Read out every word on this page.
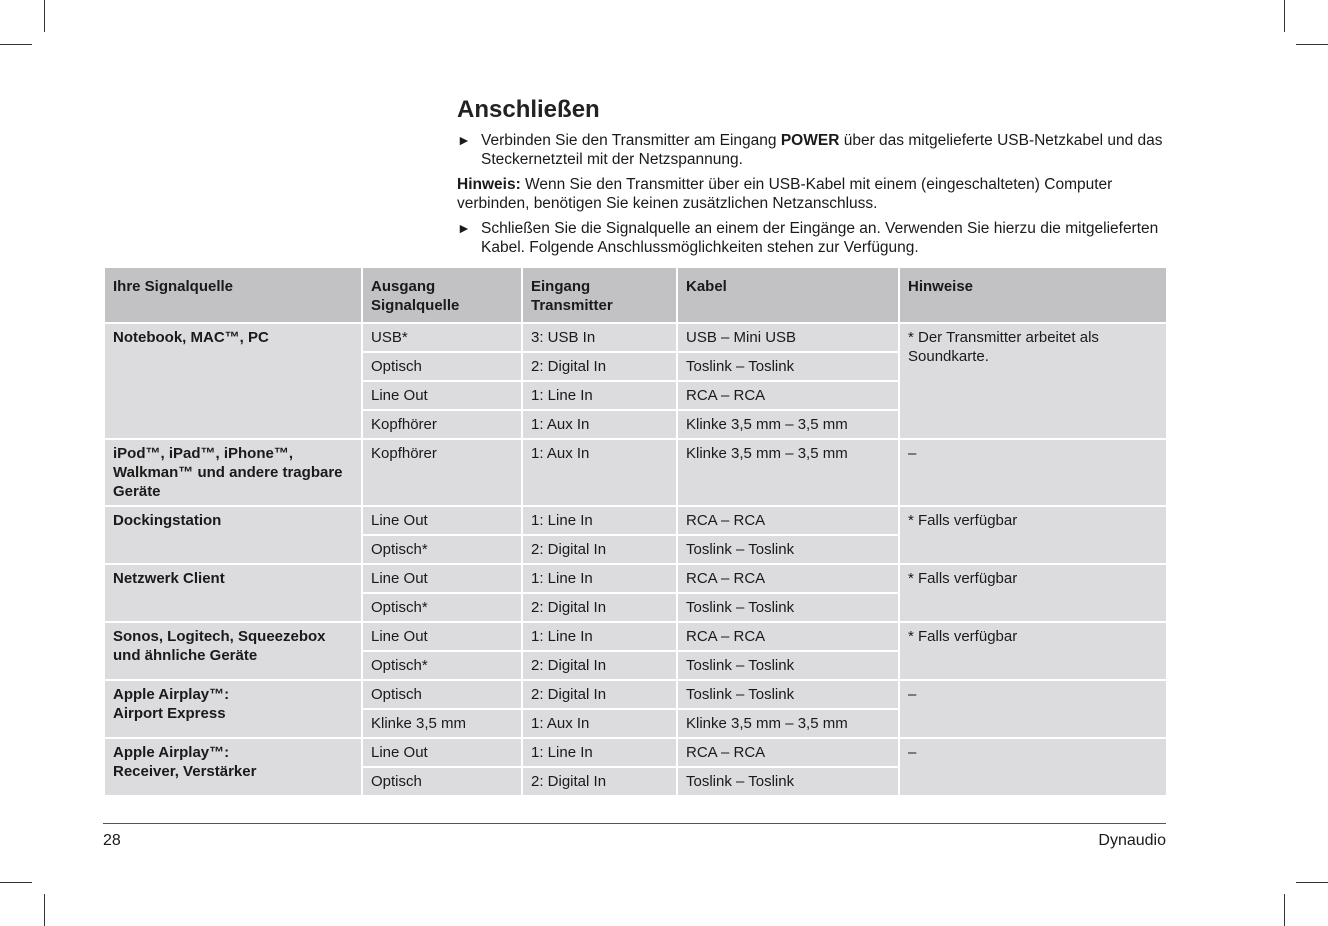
Anschließen
► Verbinden Sie den Transmitter am Eingang POWER über das mitgelieferte USB-Netzkabel und das Steckernetzteil mit der Netzspannung.
Hinweis: Wenn Sie den Transmitter über ein USB-Kabel mit einem (eingeschalteten) Computer verbinden, benötigen Sie keinen zusätzlichen Netzanschluss.
► Schließen Sie die Signalquelle an einem der Eingänge an. Verwenden Sie hierzu die mitgelieferten Kabel. Folgende Anschlussmöglichkeiten stehen zur Verfügung.
Ihre Signalquelle	Ausgang Signalquelle	Eingang Transmitter	Kabel	Hinweise
Notebook, MAC™, PC	USB*	3: USB In	USB – Mini USB	* Der Transmitter arbeitet als Soundkarte.
	Optisch	2: Digital In	Toslink – Toslink	
	Line Out	1: Line In	RCA – RCA	
	Kopfhörer	1: Aux In	Klinke 3,5 mm – 3,5 mm	
iPod™, iPad™, iPhone™, Walkman™ und andere tragbare Geräte	Kopfhörer	1: Aux In	Klinke 3,5 mm – 3,5 mm	–
Dockingstation	Line Out	1: Line In	RCA – RCA	* Falls verfügbar
	Optisch*	2: Digital In	Toslink – Toslink	
Netzwerk Client	Line Out	1: Line In	RCA – RCA	* Falls verfügbar
	Optisch*	2: Digital In	Toslink – Toslink	
Sonos, Logitech, Squeezebox und ähnliche Geräte	Line Out	1: Line In	RCA – RCA	* Falls verfügbar
	Optisch*	2: Digital In	Toslink – Toslink	
Apple Airplay™:
Airport Express	Optisch	2: Digital In	Toslink – Toslink	–
	Klinke 3,5 mm	1: Aux In	Klinke 3,5 mm – 3,5 mm	
Apple Airplay™:
Receiver, Verstärker	Line Out	1: Line In	RCA – RCA	–
	Optisch	2: Digital In	Toslink – Toslink	
28	Dynaudio
